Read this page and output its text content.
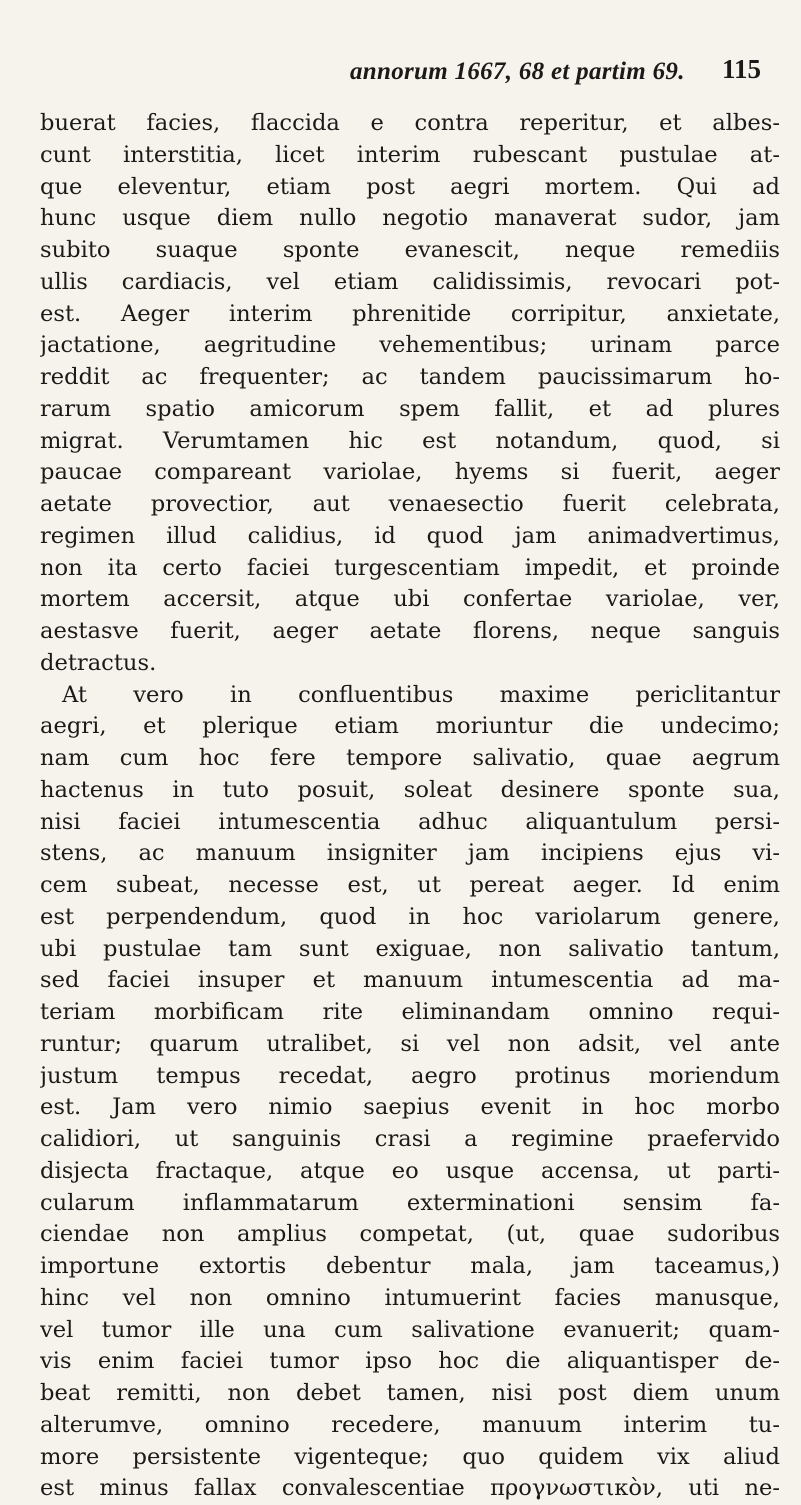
annorum 1667, 68 et partim 69. 115
buerat facies, flaccida e contra reperitur, et albes-
cunt interstitia, licet interim rubescant pustulae at-
que eleventur, etiam post aegri mortem. Qui ad
hunc usque diem nullo negotio manaverat sudor, jam
subito suaque sponte evanescit, neque remediis
ullis cardiacis, vel etiam calidissimis, revocari pot-
est. Aeger interim phrenitide corripitur, anxietate,
jactatione, aegritudine vehementibus; urinam parce
reddit ac frequenter; ac tandem paucissimarum ho-
rarum spatio amicorum spem fallit, et ad plures
migrat. Verumtamen hic est notandum, quod, si
paucae compareant variolae, hyems si fuerit, aeger
aetate provectior, aut venaesectio fuerit celebrata,
regimen illud calidius, id quod jam animadvertimus,
non ita certo faciei turgescentiam impedit, et proinde
mortem accersit, atque ubi confertae variolae, ver,
aestasve fuerit, aeger aetate florens, neque sanguis
detractus.
At vero in confluentibus maxime periclitantur
aegri, et plerique etiam moriuntur die undecimo;
nam cum hoc fere tempore salivatio, quae aegrum
hactenus in tuto posuit, soleat desinere sponte sua,
nisi faciei intumescentia adhuc aliquantulum persi-
stens, ac manuum insigniter jam incipiens ejus vi-
cem subeat, necesse est, ut pereat aeger. Id enim
est perpendendum, quod in hoc variolarum genere,
ubi pustulae tam sunt exiguae, non salivatio tantum,
sed faciei insuper et manuum intumescentia ad ma-
teriam morbificam rite eliminandam omnino requi-
runtur; quarum utralibet, si vel non adsit, vel ante
justum tempus recedat, aegro protinus moriendum
est. Jam vero nimio saepius evenit in hoc morbo
calidiori, ut sanguinis crasi a regimine praefervido
disjecta fractaque, atque eo usque accensa, ut parti-
cularum inflammatarum exterminationi sensim fa-
ciendae non amplius competat, (ut, quae sudoribus
importune extortis debentur mala, jam taceamus,)
hinc vel non omnino intumuerint facies manusque,
vel tumor ille una cum salivatione evanuerit; quam-
vis enim faciei tumor ipso hoc die aliquantisper de-
beat remitti, non debet tamen, nisi post diem unum
alterumve, omnino recedere, manuum interim tu-
more persistente vigenteque; quo quidem vix aliud
est minus fallax convalescentiae προγνωστικὸν, uti ne-
